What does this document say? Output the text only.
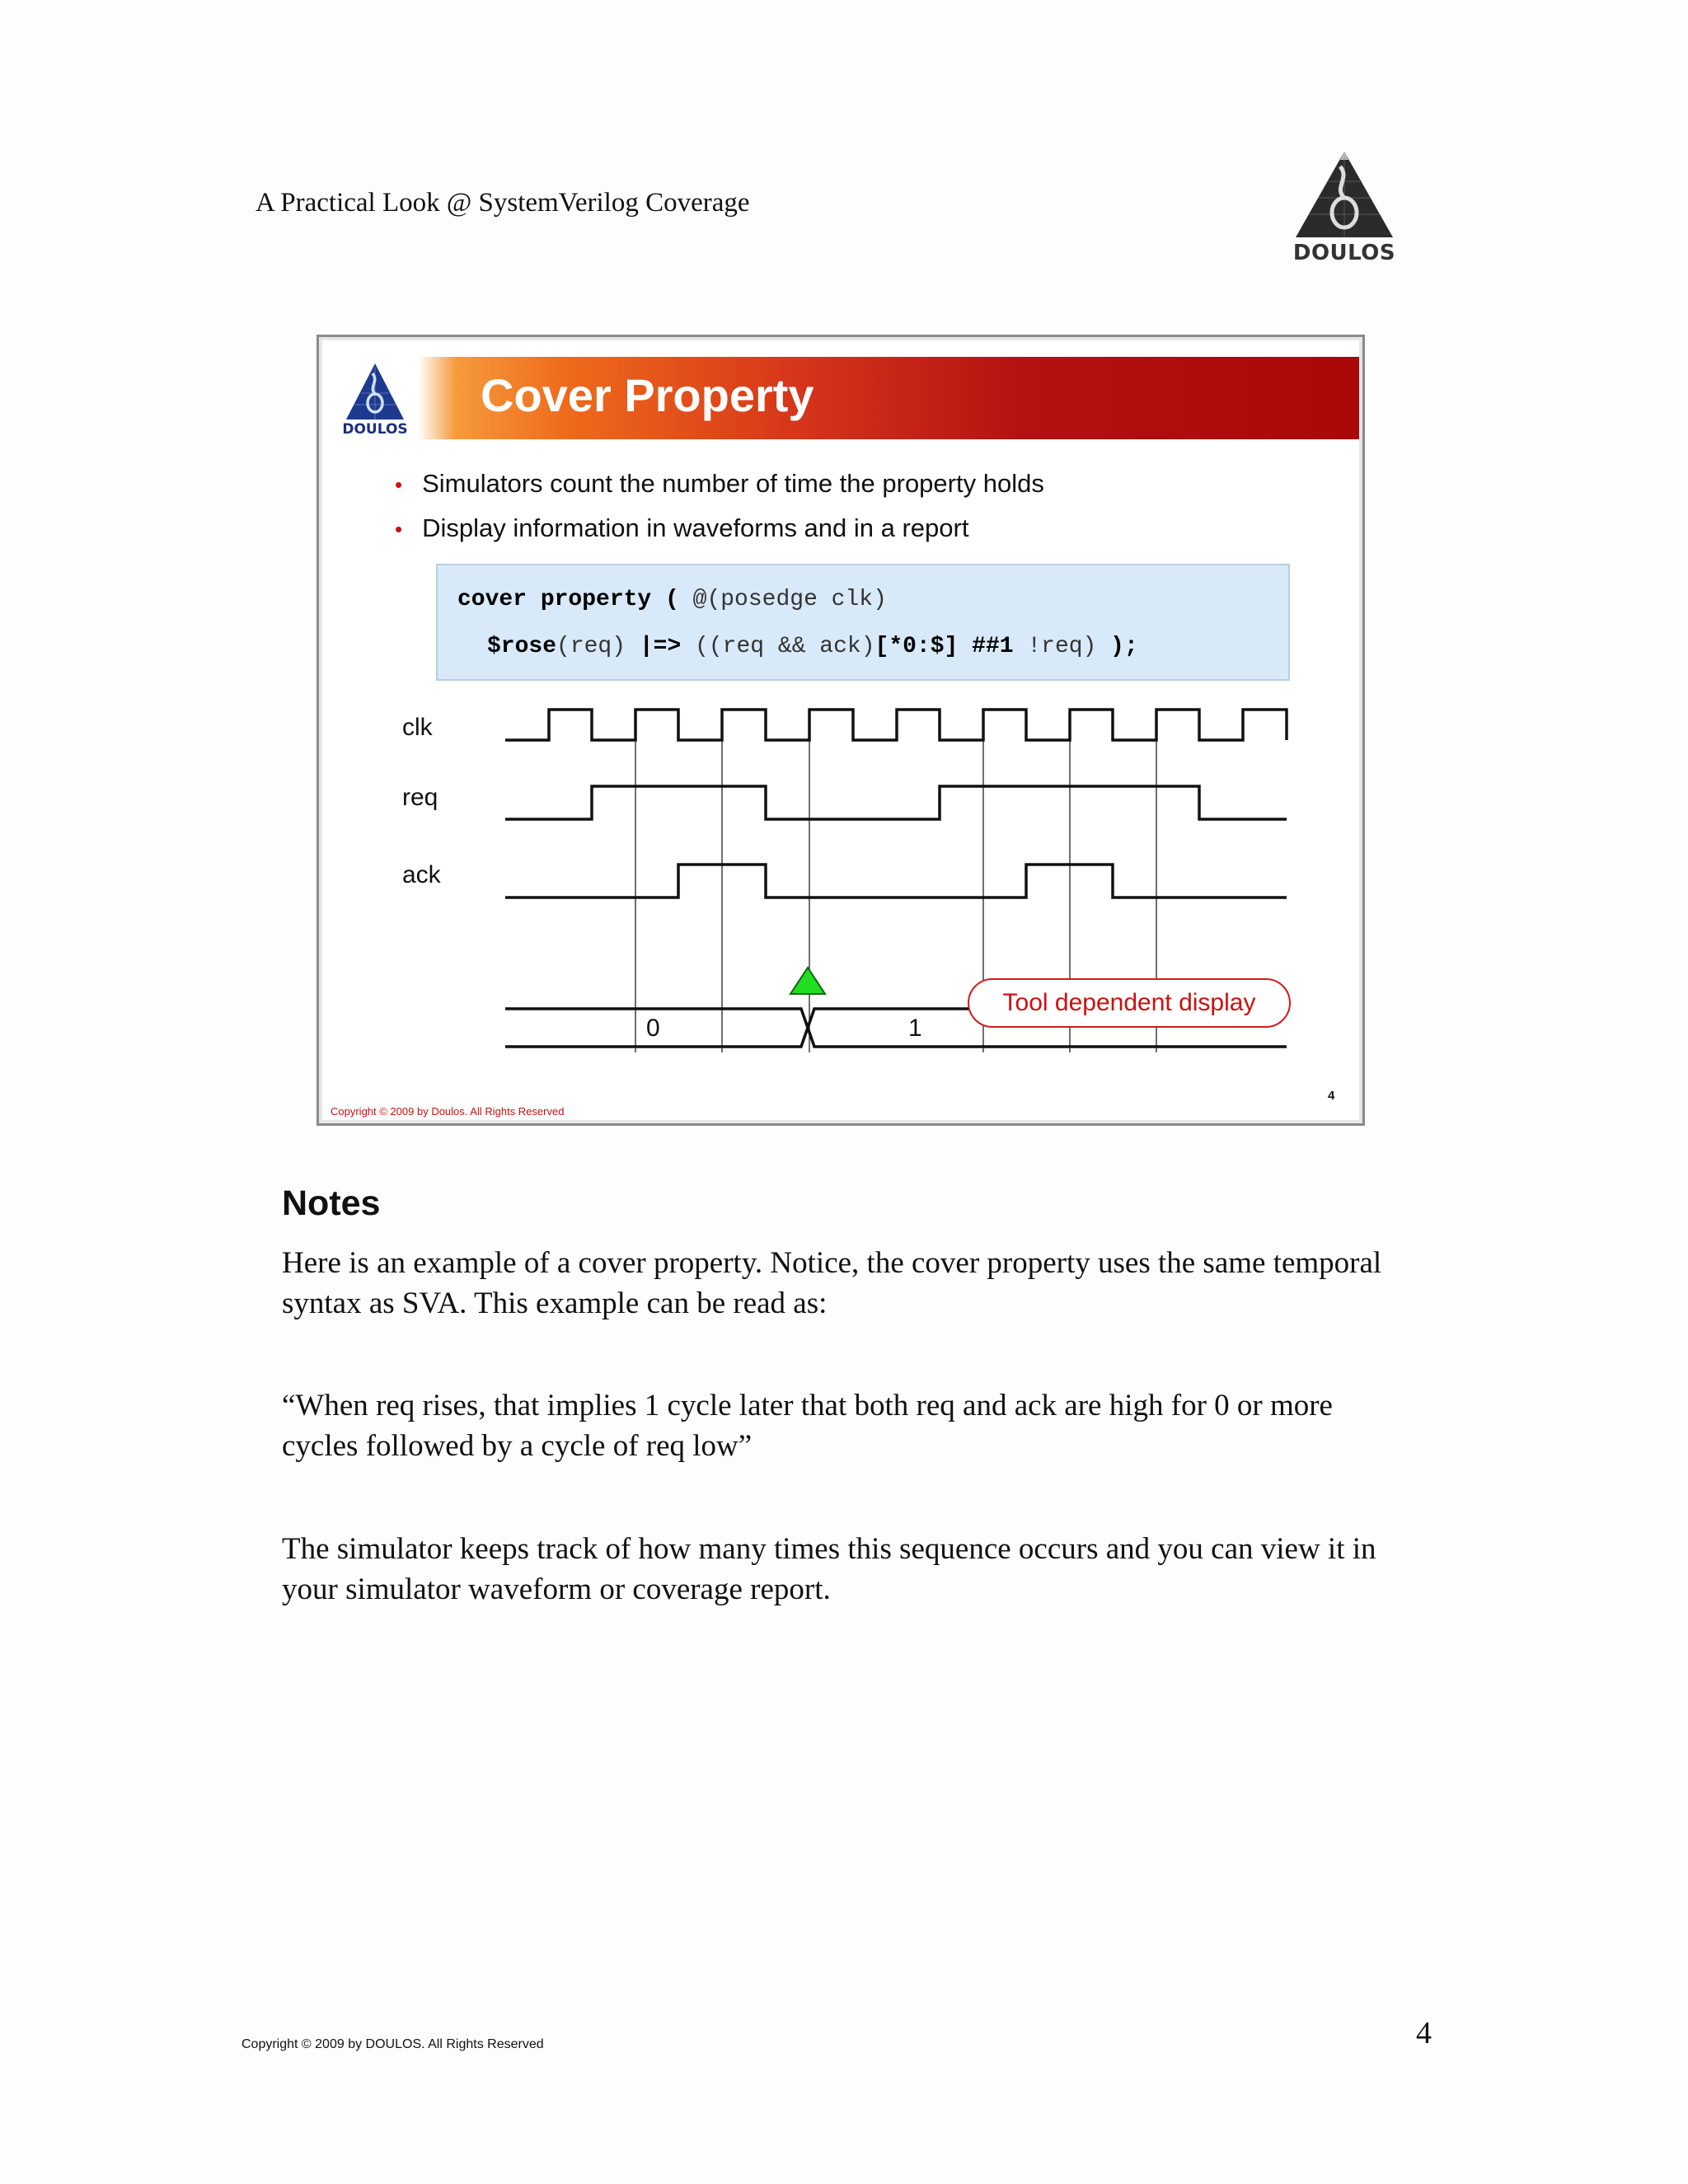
A Practical Look @ SystemVerilog Coverage
DOULOS
DOULOS
Cover Property
• Simulators count the number of time the property holds
• Display information in waveforms and in a report
cover property ( @(posedge clk)
$rose(req) |=> ((req && ack)[*0:$] ##1 !req) );
clk
req
ack
0	1
Tool dependent display
4
Copyright © 2009 by Doulos. All Rights Reserved
Notes
Here is an example of a cover property. Notice, the cover property uses the same temporal syntax as SVA. This example can be read as:
“When req rises, that implies 1 cycle later that both req and ack are high for 0 or more cycles followed by a cycle of req low”
The simulator keeps track of how many times this sequence occurs and you can view it in your simulator waveform or coverage report.
Copyright © 2009 by DOULOS. All Rights Reserved	4
